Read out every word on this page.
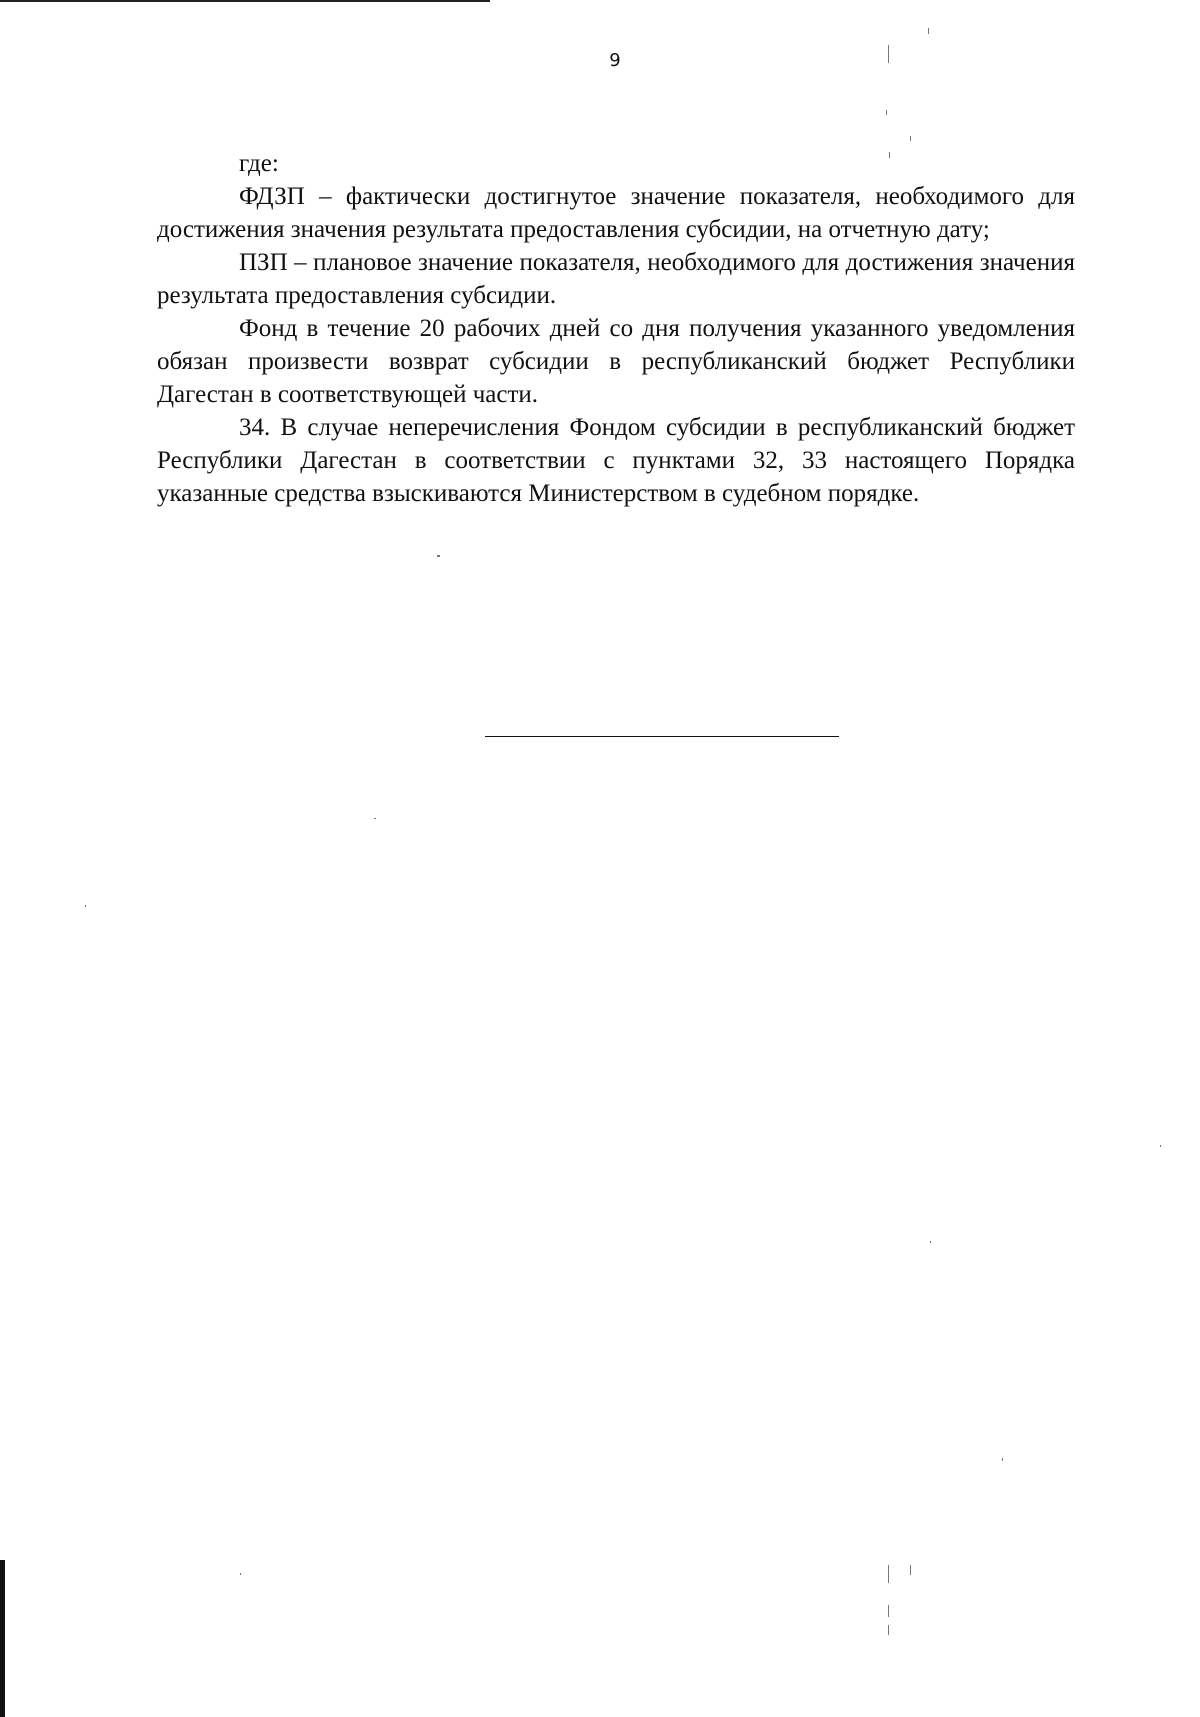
9

где:

ФДЗП – фактически достигнутое значение показателя, необходимого для достижения значения результата предоставления субсидии, на отчетную дату;

ПЗП – плановое значение показателя, необходимого для достижения значения результата предоставления субсидии.

Фонд в течение 20 рабочих дней со дня получения указанного уведомления обязан произвести возврат субсидии в республиканский бюджет Республики Дагестан в соответствующей части.

34. В случае неперечисления Фондом субсидии в республиканский бюджет Республики Дагестан в соответствии с пунктами 32, 33 настоящего Порядка указанные средства взыскиваются Министерством в судебном порядке.
